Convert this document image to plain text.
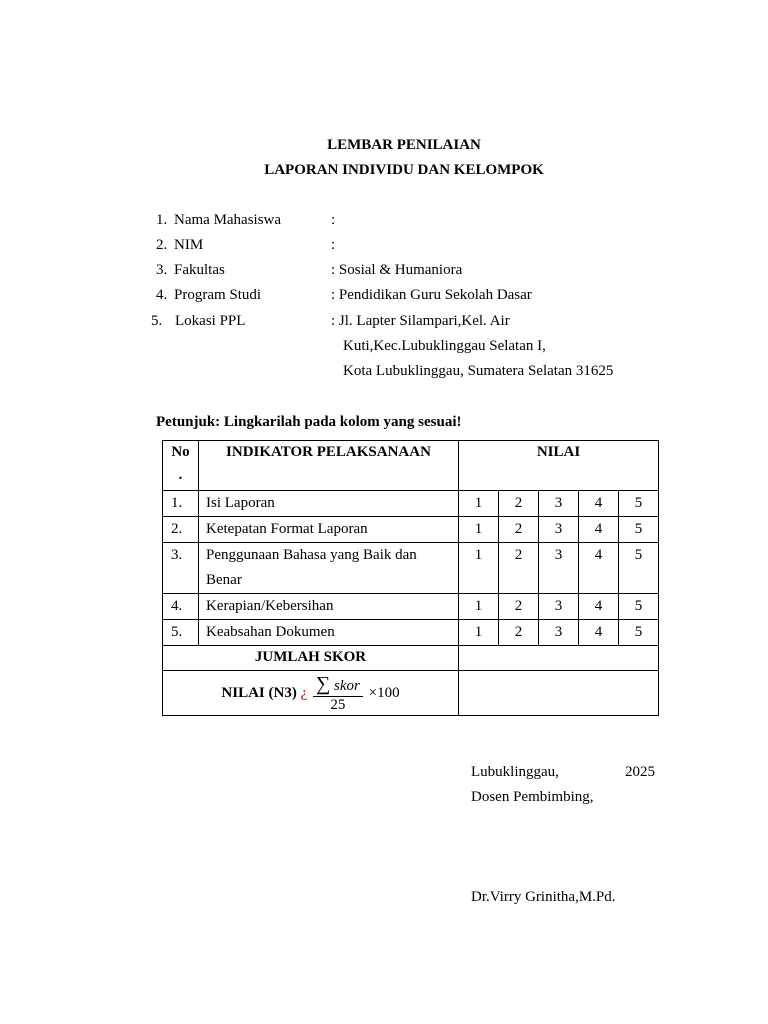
LEMBAR PENILAIAN
LAPORAN INDIVIDU DAN KELOMPOK
1. Nama Mahasiswa	:
2. NIM	:
3. Fakultas	: Sosial & Humaniora
4. Program Studi	: Pendidikan Guru Sekolah Dasar
5. Lokasi PPL	: Jl. Lapter Silampari,Kel. Air
Kuti,Kec.Lubuklinggau Selatan I,
Kota Lubuklinggau, Sumatera Selatan 31625
Petunjuk: Lingkarilah pada kolom yang sesuai!
No
.	INDIKATOR PELAKSANAAN	NILAI				

1.	Isi Laporan	1	2	3	4	5
2.	Ketepatan Format Laporan	1	2	3	4	5
3.	Penggunaan Bahasa yang Baik dan
Benar	1	2	3	4	5
4.	Kerapian/Kebersihan	1	2	3	4	5
5.	Keabsahan Dokumen	1	2	3	4	5
JUMLAH SKOR						
NILAI (N3) ¿ $\frac{\text{∑ skor}}{25} \times 100$						
Lubuklinggau,	2025
Dosen Pembimbing,
Dr.Virry Grinitha,M.Pd.
